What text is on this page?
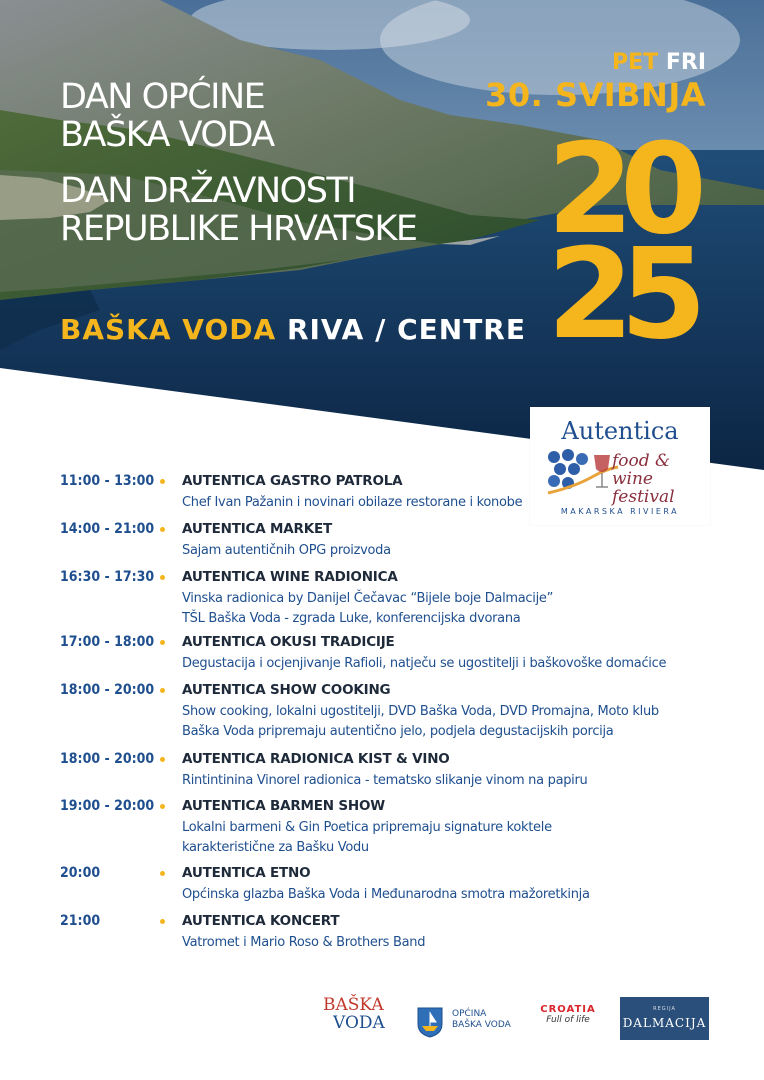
DAN OPĆINE
BAŠKA VODA
DAN DRŽAVNOSTI
REPUBLIKE HRVATSKE
BAŠKA VODA RIVA / CENTRE
PET FRI
30. SVIBNJA
20
25
Autentica
food &
wine
festival
MAKARSKA RIVIERA
11:00 - 13:00 AUTENTICA GASTRO PATROLA
Chef Ivan Pažanin i novinari obilaze restorane i konobe
14:00 - 21:00 AUTENTICA MARKET
Sajam autentičnih OPG proizvoda
16:30 - 17:30 AUTENTICA WINE RADIONICA
Vinska radionica by Danijel Čečavac “Bijele boje Dalmacije”
TŠL Baška Voda - zgrada Luke, konferencijska dvorana
17:00 - 18:00 AUTENTICA OKUSI TRADICIJE
Degustacija i ocjenjivanje Rafioli, natječu se ugostitelji i baškovoške domaćice
18:00 - 20:00 AUTENTICA SHOW COOKING
Show cooking, lokalni ugostitelji, DVD Baška Voda, DVD Promajna, Moto klub
Baška Voda pripremaju autentično jelo, podjela degustacijskih porcija
18:00 - 20:00 AUTENTICA RADIONICA KIST & VINO
Rintintinina Vinorel radionica - tematsko slikanje vinom na papiru
19:00 - 20:00 AUTENTICA BARMEN SHOW
Lokalni barmeni & Gin Poetica pripremaju signature koktele
karakteristične za Bašku Vodu
20:00	AUTENTICA ETNO
Općinska glazba Baška Voda i Međunarodna smotra mažoretkinja
21:00	AUTENTICA KONCERT
Vatromet i Mario Roso & Brothers Band
BAŠKA
VODA	OPĆINA
BAŠKA VODA
CROATIA
Full of life
REGIJA
DALMACIJA
